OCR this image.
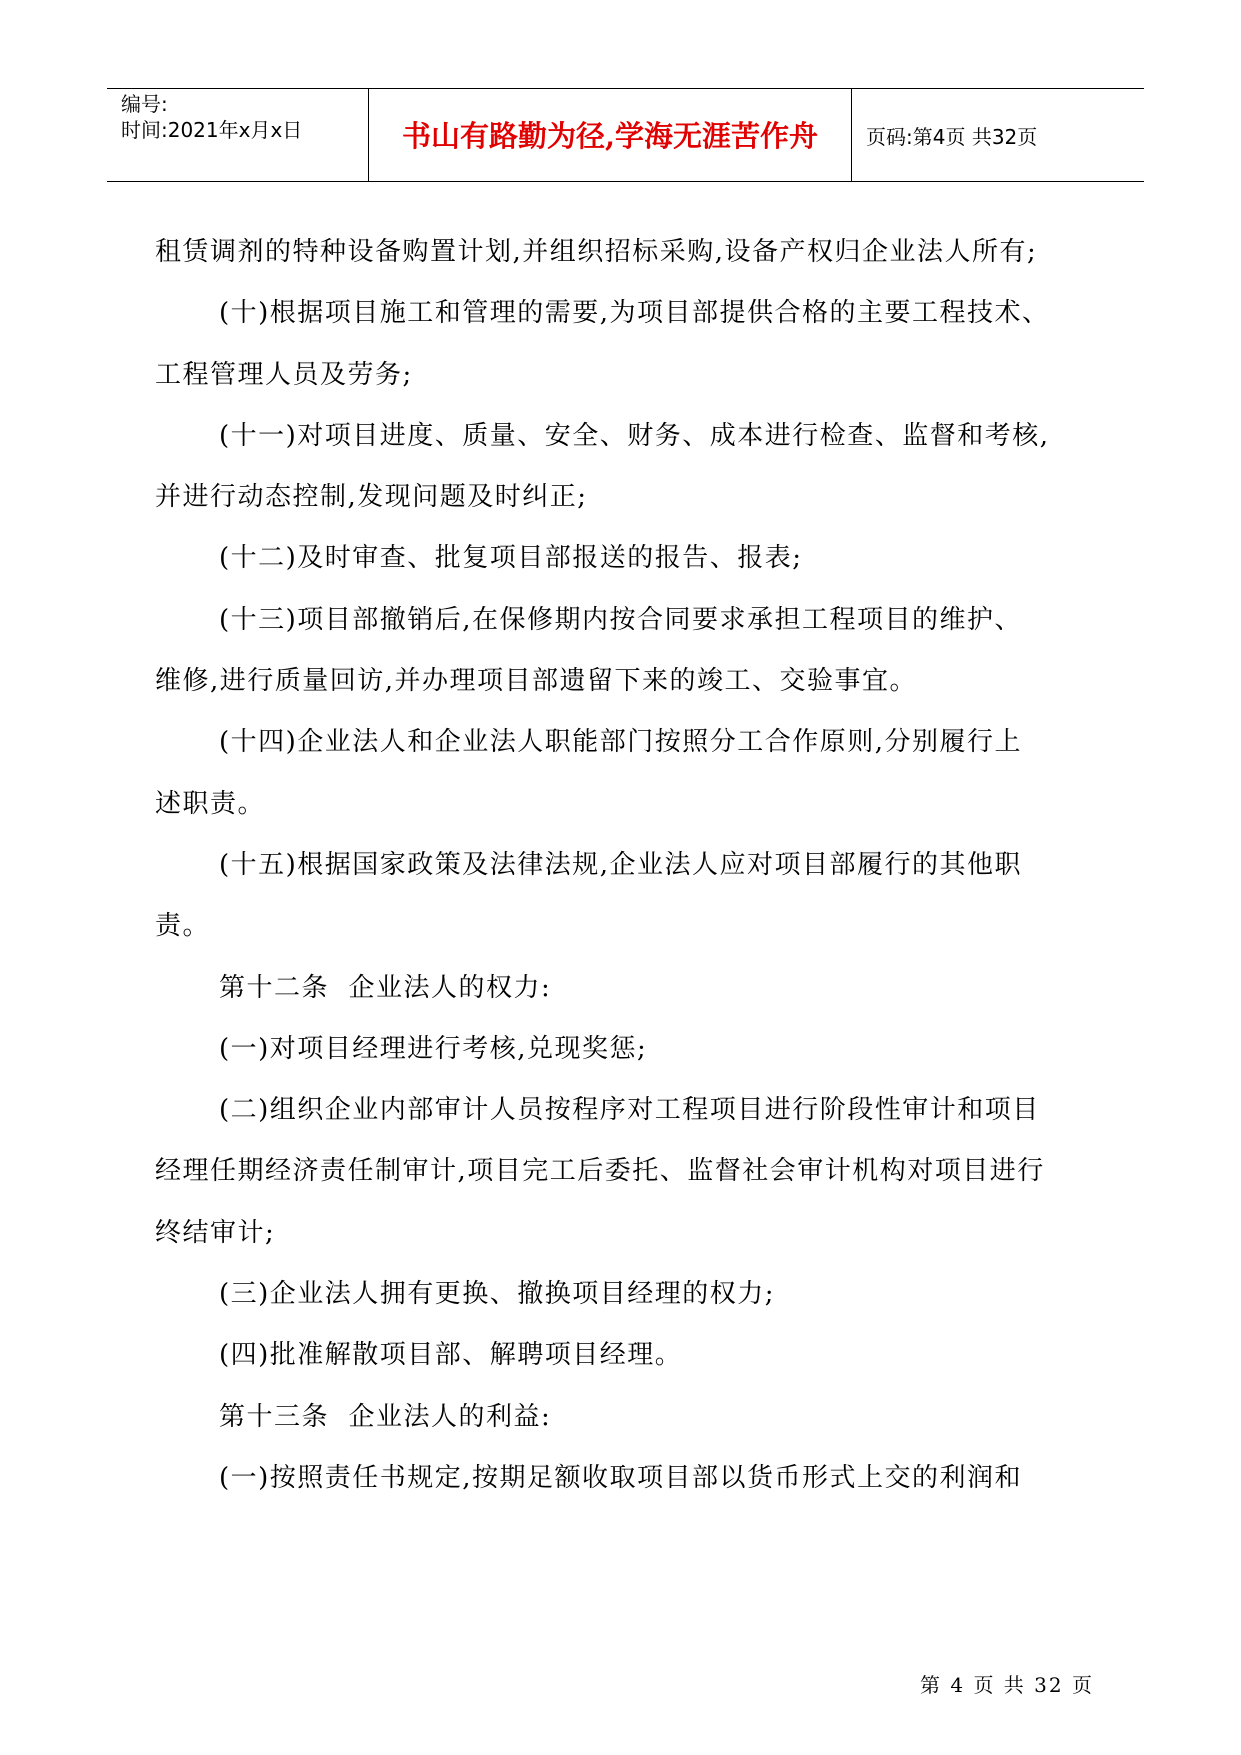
编号:
时间:2021年x月x日	书山有路勤为径,学海无涯苦作舟	页码:第4页 共32页
租赁调剂的特种设备购置计划,并组织招标采购,设备产权归企业法人所有;
(十)根据项目施工和管理的需要,为项目部提供合格的主要工程技术、
工程管理人员及劳务;
(十一)对项目进度、质量、安全、财务、成本进行检查、监督和考核,
并进行动态控制,发现问题及时纠正;
(十二)及时审查、批复项目部报送的报告、报表;
(十三)项目部撤销后,在保修期内按合同要求承担工程项目的维护、
维修,进行质量回访,并办理项目部遗留下来的竣工、交验事宜。
(十四)企业法人和企业法人职能部门按照分工合作原则,分别履行上
述职责。
(十五)根据国家政策及法律法规,企业法人应对项目部履行的其他职
责。
第十二条  企业法人的权力:
(一)对项目经理进行考核,兑现奖惩;
(二)组织企业内部审计人员按程序对工程项目进行阶段性审计和项目
经理任期经济责任制审计,项目完工后委托、监督社会审计机构对项目进行
终结审计;
(三)企业法人拥有更换、撤换项目经理的权力;
(四)批准解散项目部、解聘项目经理。
第十三条  企业法人的利益:
(一)按照责任书规定,按期足额收取项目部以货币形式上交的利润和
第 4 页 共 32 页
